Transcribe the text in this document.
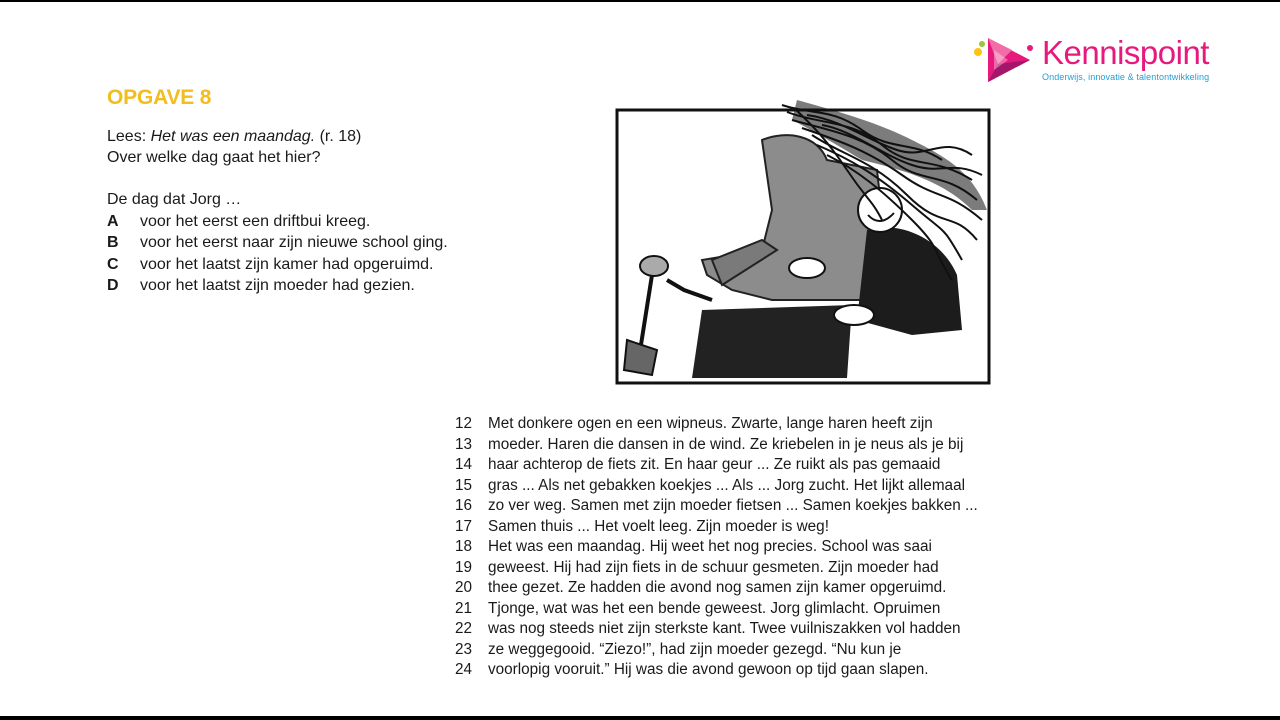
Kennispoint
Onderwijs, innovatie & talentontwikkeling
OPGAVE 8
Lees: Het was een maandag. (r. 18)
Over welke dag gaat het hier?
De dag dat Jorg …
A voor het eerst een driftbui kreeg.
B voor het eerst naar zijn nieuwe school ging.
C voor het laatst zijn kamer had opgeruimd.
D voor het laatst zijn moeder had gezien.
12 Met donkere ogen en een wipneus. Zwarte, lange haren heeft zijn
13 moeder. Haren die dansen in de wind. Ze kriebelen in je neus als je bij
14 haar achterop de fiets zit. En haar geur ... Ze ruikt als pas gemaaid
15 gras ... Als net gebakken koekjes ... Als ... Jorg zucht. Het lijkt allemaal
16 zo ver weg. Samen met zijn moeder fietsen ... Samen koekjes bakken ...
17 Samen thuis ... Het voelt leeg. Zijn moeder is weg!
18 Het was een maandag. Hij weet het nog precies. School was saai
19 geweest. Hij had zijn fiets in de schuur gesmeten. Zijn moeder had
20 thee gezet. Ze hadden die avond nog samen zijn kamer opgeruimd.
21 Tjonge, wat was het een bende geweest. Jorg glimlacht. Opruimen
22 was nog steeds niet zijn sterkste kant. Twee vuilniszakken vol hadden
23 ze weggegooid. “Ziezo!”, had zijn moeder gezegd. “Nu kun je
24 voorlopig vooruit.” Hij was die avond gewoon op tijd gaan slapen.
